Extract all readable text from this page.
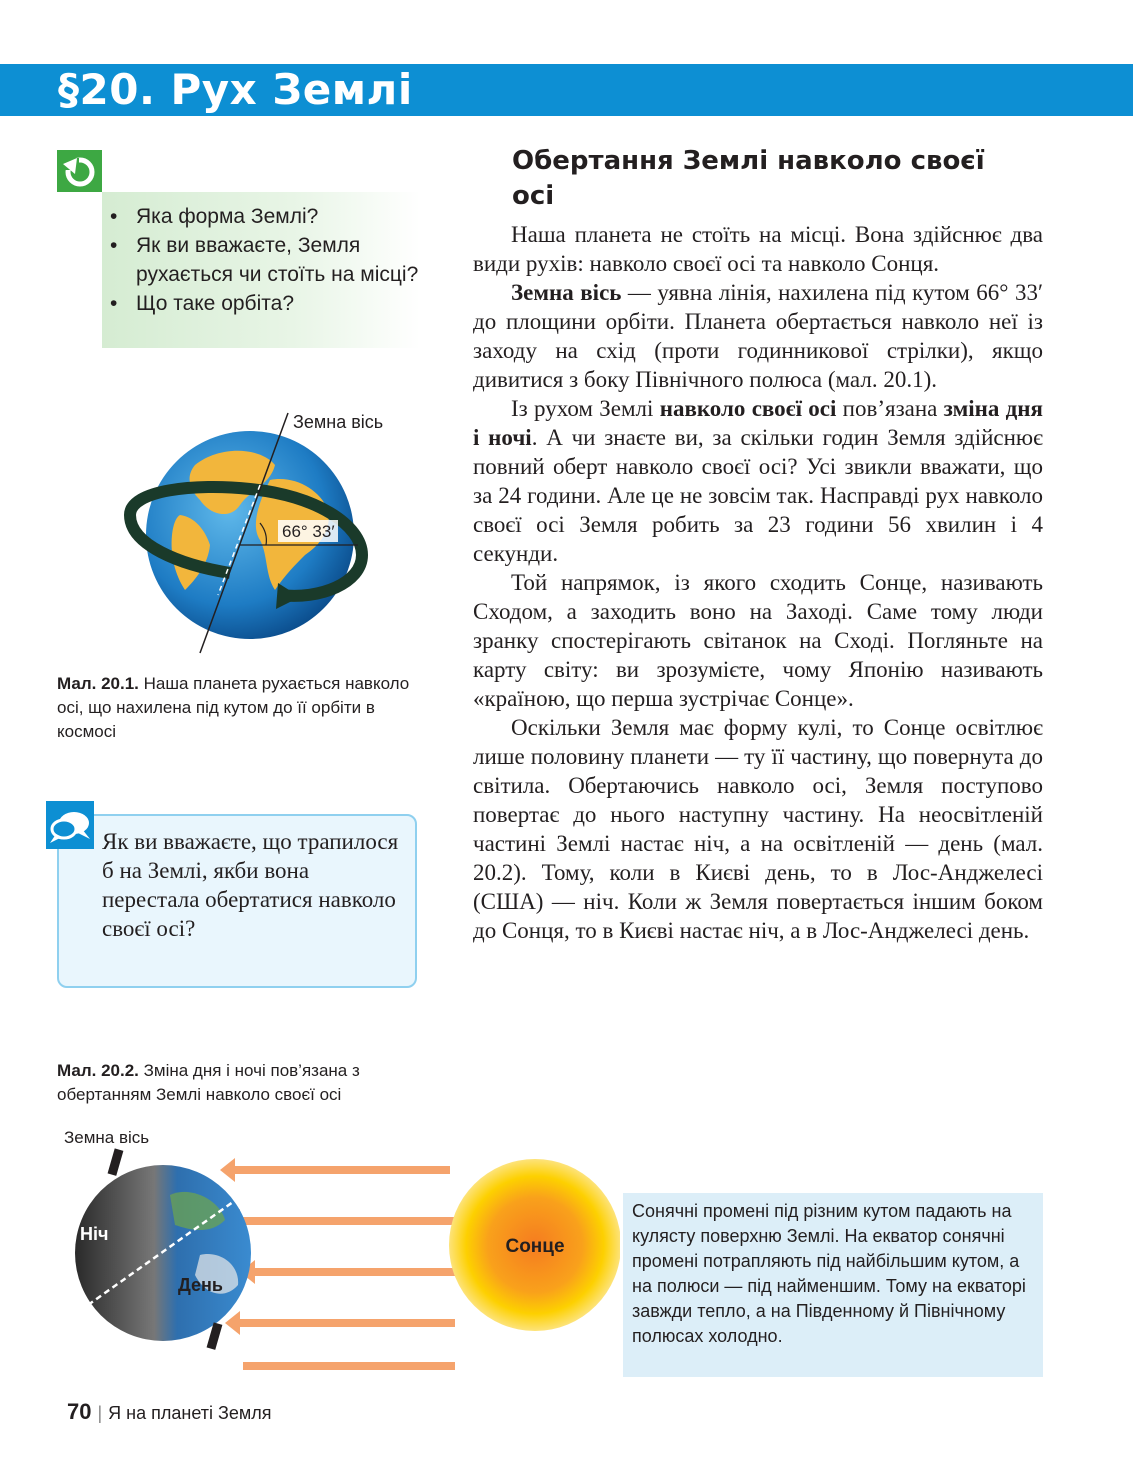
§20. Рух Землі
• Яка форма Землі?
• Як ви вважаєте, Земля рухається чи стоїть на місці?
• Що таке орбіта?
66° 33′
Земна вісь
Мал. 20.1. Наша планета рухається навколо осі, що нахилена під кутом до її орбіти в космосі
Як ви вважаєте, що трапилося б на Землі, якби вона перестала обертатися навколо своєї осі?
Обертання Землі навколо своєї осі

Наша планета не стоїть на місці. Вона здійснює два види рухів: навколо своєї осі та навколо Сонця.

Земна вісь — уявна лінія, нахилена під кутом 66° 33′ до площини орбіти. Планета обертається навколо неї із заходу на схід (проти годинникової стрілки), якщо дивитися з боку Північного полюса (мал. 20.1).

Із рухом Землі навколо своєї осі пов’язана зміна дня і ночі. А чи знаєте ви, за скільки годин Земля здійснює повний оберт навколо своєї осі? Усі звикли вважати, що за 24 години. Але це не зовсім так. Насправді рух навколо своєї осі Земля робить за 23 години 56 хвилин і 4 секунди.

Той напрямок, із якого сходить Сонце, називають Сходом, а заходить воно на Заході. Саме тому люди зранку спостерігають світанок на Сході. Погляньте на карту світу: ви зрозумієте, чому Японію називають «країною, що перша зустрічає Сонце».

Оскільки Земля має форму кулі, то Сонце освітлює лише половину планети — ту її частину, що повернута до світила. Обертаючись навколо осі, Земля поступово повертає до нього наступну частину. На неосвітленій частині Землі настає ніч, а на освітленій — день (мал. 20.2). Тому, коли в Києві день, то в Лос-Анджелесі (США) — ніч. Коли ж Земля повертається іншим боком до Сонця, то в Києві настає ніч, а в Лос-Анджелесі день.

Мал. 20.2. Зміна дня і ночі пов’язана з обертанням Землі навколо своєї осі
Земна вісь
Ніч
День
Сонце
Сонячні промені під різним кутом падають на кулясту поверхню Землі. На екватор сонячні промені потрапляють під найбільшим кутом, а на полюси — під найменшим. Тому на екваторі завжди тепло, а на Південному й Північному полюсах холодно.
70 | Я на планеті Земля
